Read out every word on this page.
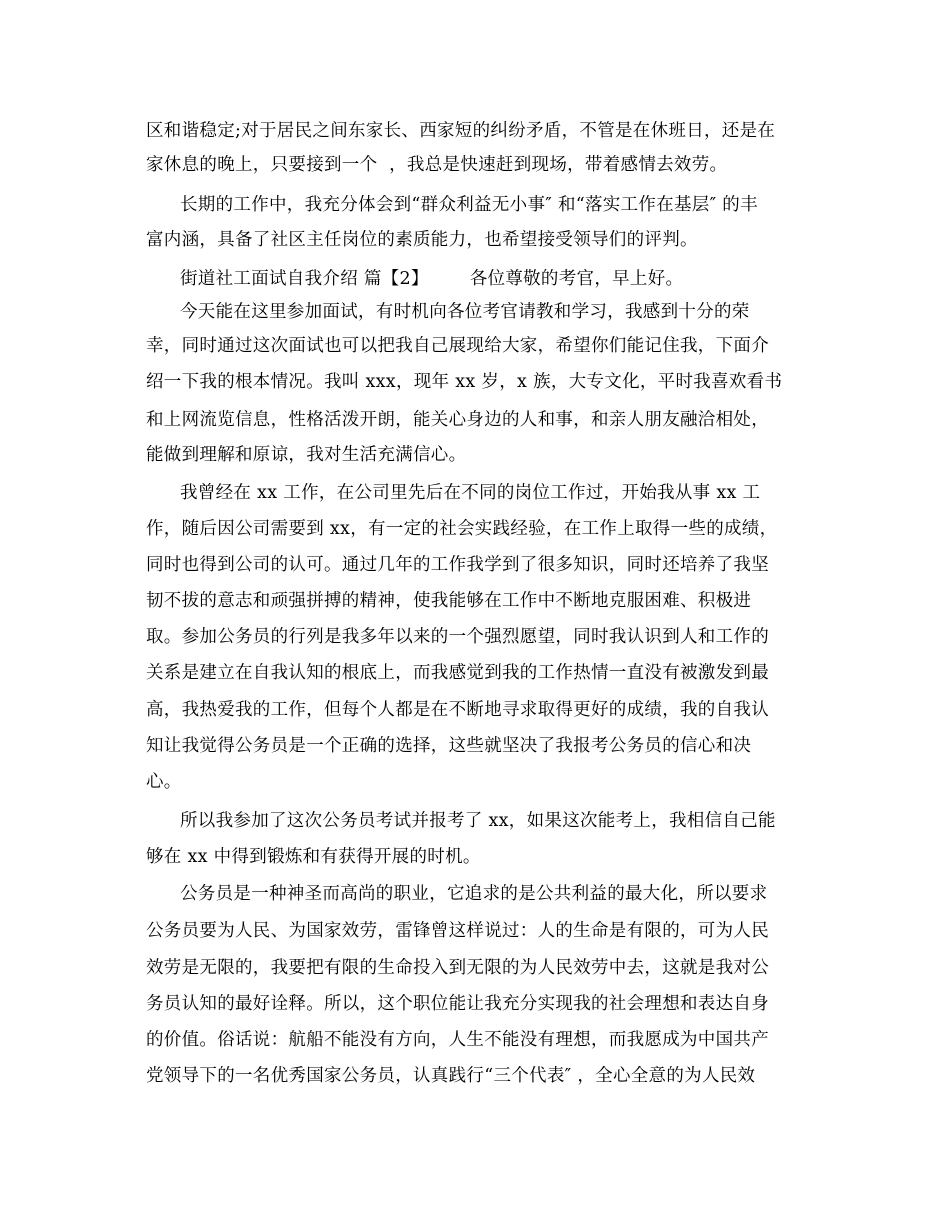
区和谐稳定;对于居民之间东家长、西家短的纠纷矛盾，不管是在休班日，还是在
家休息的晚上，只要接到一个  ，我总是快速赶到现场，带着感情去效劳。
长期的工作中，我充分体会到“群众利益无小事″ 和“落实工作在基层″ 的丰
富内涵，具备了社区主任岗位的素质能力，也希望接受领导们的评判。
街道社工面试自我介绍 篇【2】       各位尊敬的考官，早上好。
今天能在这里参加面试，有时机向各位考官请教和学习，我感到十分的荣
幸，同时通过这次面试也可以把我自己展现给大家，希望你们能记住我，下面介
绍一下我的根本情况。我叫 xxx，现年 xx 岁，x 族，大专文化，平时我喜欢看书
和上网流览信息，性格活泼开朗，能关心身边的人和事，和亲人朋友融洽相处，
能做到理解和原谅，我对生活充满信心。
我曾经在 xx 工作，在公司里先后在不同的岗位工作过，开始我从事 xx 工
作，随后因公司需要到 xx，有一定的社会实践经验，在工作上取得一些的成绩，
同时也得到公司的认可。通过几年的工作我学到了很多知识，同时还培养了我坚
韧不拔的意志和顽强拼搏的精神，使我能够在工作中不断地克服困难、积极进
取。参加公务员的行列是我多年以来的一个强烈愿望，同时我认识到人和工作的
关系是建立在自我认知的根底上，而我感觉到我的工作热情一直没有被激发到最
高，我热爱我的工作，但每个人都是在不断地寻求取得更好的成绩，我的自我认
知让我觉得公务员是一个正确的选择，这些就坚决了我报考公务员的信心和决
心。
所以我参加了这次公务员考试并报考了 xx，如果这次能考上，我相信自己能
够在 xx 中得到锻炼和有获得开展的时机。
公务员是一种神圣而高尚的职业，它追求的是公共利益的最大化，所以要求
公务员要为人民、为国家效劳，雷锋曾这样说过：人的生命是有限的，可为人民
效劳是无限的，我要把有限的生命投入到无限的为人民效劳中去，这就是我对公
务员认知的最好诠释。所以，这个职位能让我充分实现我的社会理想和表达自身
的价值。俗话说：航船不能没有方向，人生不能没有理想，而我愿成为中国共产
党领导下的一名优秀国家公务员，认真践行“三个代表″ ，全心全意的为人民效
